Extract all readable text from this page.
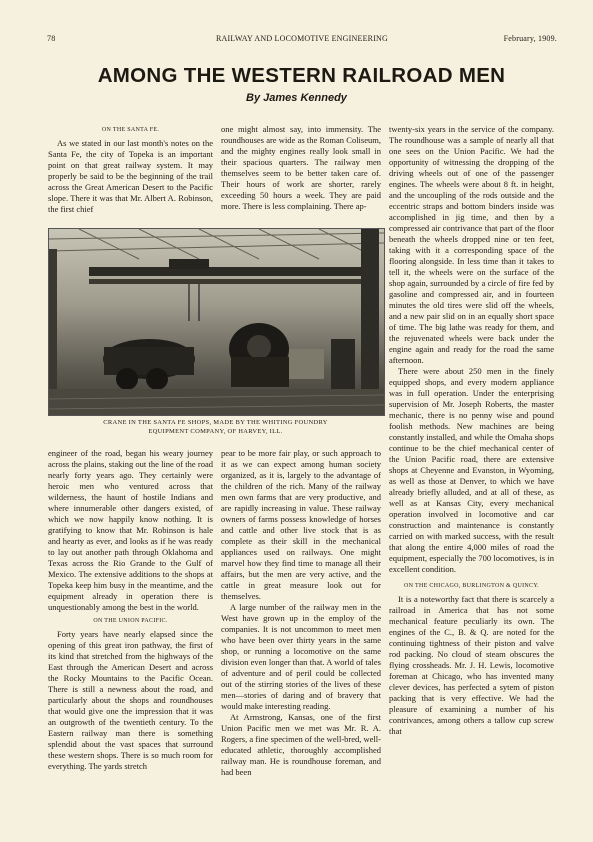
78	RAILWAY AND LOCOMOTIVE ENGINEERING	February, 1909.
AMONG THE WESTERN RAILROAD MEN
By James Kennedy

ON THE SANTA FE.

As we stated in our last month's notes on the Santa Fe, the city of Topeka is an important point on that great railway system. It may properly be said to be the beginning of the trail across the Great American Desert to the Pacific slope. There it was that Mr. Albert A. Robinson, the first chief

one might almost say, into immensity. The roundhouses are wide as the Roman Coliseum, and the mighty engines really look small in their spacious quarters. The railway men themselves seem to be better taken care of. Their hours of work are shorter, rarely exceeding 50 hours a week. They are paid more. There is less complaining. There ap-

twenty-six years in the service of the company. The roundhouse was a sample of nearly all that one sees on the Union Pacific. We had the opportunity of witnessing the dropping of the driving wheels out of one of the passenger engines. The wheels were about 8 ft. in height, and the uncoupling of the rods outside and the eccentric straps and bottom binders inside was accomplished in jig time, and then by a compressed air contrivance that part of the floor beneath the wheels dropped nine or ten feet, taking with it a corresponding space of the flooring alongside. In less time than it takes to tell it, the wheels were on the surface of the shop again, surrounded by a circle of fire fed by gasoline and compressed air, and in fourteen minutes the old tires were slid off the wheels, and a new pair slid on in an equally short space of time. The big lathe was ready for them, and the rejuvenated wheels were back under the engine again and ready for the road the same afternoon.

There were about 250 men in the finely equipped shops, and every modern appliance was in full operation. Under the enterprising supervision of Mr. Joseph Roberts, the master mechanic, there is no penny wise and pound foolish methods. New machines are being constantly installed, and while the Omaha shops continue to be the chief mechanical center of the Union Pacific road, there are extensive shops at Cheyenne and Evanston, in Wyoming, as well as those at Denver, to which we have already briefly alluded, and at all of these, as well as at Kansas City, every mechanical operation involved in locomotive and car construction and maintenance is constantly carried on with marked success, with the result that along the entire 4,000 miles of road the equipment, especially the 700 locomotives, is in excellent condition.

ON THE CHICAGO, BURLINGTON & QUINCY.

It is a noteworthy fact that there is scarcely a railroad in America that has not some mechanical feature peculiarly its own. The engines of the C., B. & Q. are noted for the continuing tightness of their piston and valve rod packing. No cloud of steam obscures the flying crossheads. Mr. J. H. Lewis, locomotive foreman at Chicago, who has invented many clever devices, has perfected a sytem of piston packing that is very effective. We had the pleasure of examining a number of his contrivances, among others a tallow cup screw that

CRANE IN THE SANTA FE SHOPS, MADE BY THE WHITING FOUNDRY
EQUIPMENT COMPANY, OF HARVEY, ILL.

engineer of the road, began his weary journey across the plains, staking out the line of the road nearly forty years ago. They certainly were heroic men who ventured across that wilderness, the haunt of hostile Indians and where innumerable other dangers existed, of which we now happily know nothing. It is gratifying to know that Mr. Robinson is hale and hearty as ever, and looks as if he was ready to lay out another path through Oklahoma and Texas across the Rio Grande to the Gulf of Mexico. The extensive additions to the shops at Topeka keep him busy in the meantime, and the equipment already in operation there is unquestionably among the best in the world.

ON THE UNION PACIFIC.

Forty years have nearly elapsed since the opening of this great iron pathway, the first of its kind that stretched from the highways of the East through the American Desert and across the Rocky Mountains to the Pacific Ocean. There is still a newness about the road, and particularly about the shops and roundhouses that would give one the impression that it was an outgrowth of the twentieth century. To the Eastern railway man there is something splendid about the vast spaces that surround these western shops. There is so much room for everything. The yards stretch

pear to be more fair play, or such approach to it as we can expect among human society organized, as it is, largely to the advantage of the children of the rich. Many of the railway men own farms that are very productive, and are rapidly increasing in value. These railway owners of farms possess knowledge of horses and cattle and other live stock that is as complete as their skill in the mechanical appliances used on railways. One might marvel how they find time to manage all their affairs, but the men are very active, and the cattle in great measure look out for themselves.

A large number of the railway men in the West have grown up in the employ of the companies. It is not uncommon to meet men who have been over thirty years in the same shop, or running a locomotive on the same division even longer than that. A world of tales of adventure and of peril could be collected out of the stirring stories of the lives of these men—stories of daring and of bravery that would make interesting reading.

At Armstrong, Kansas, one of the first Union Pacific men we met was Mr. R. A. Rogers, a fine specimen of the well-bred, well-educated athletic, thoroughly accomplished railway man. He is roundhouse foreman, and had been
